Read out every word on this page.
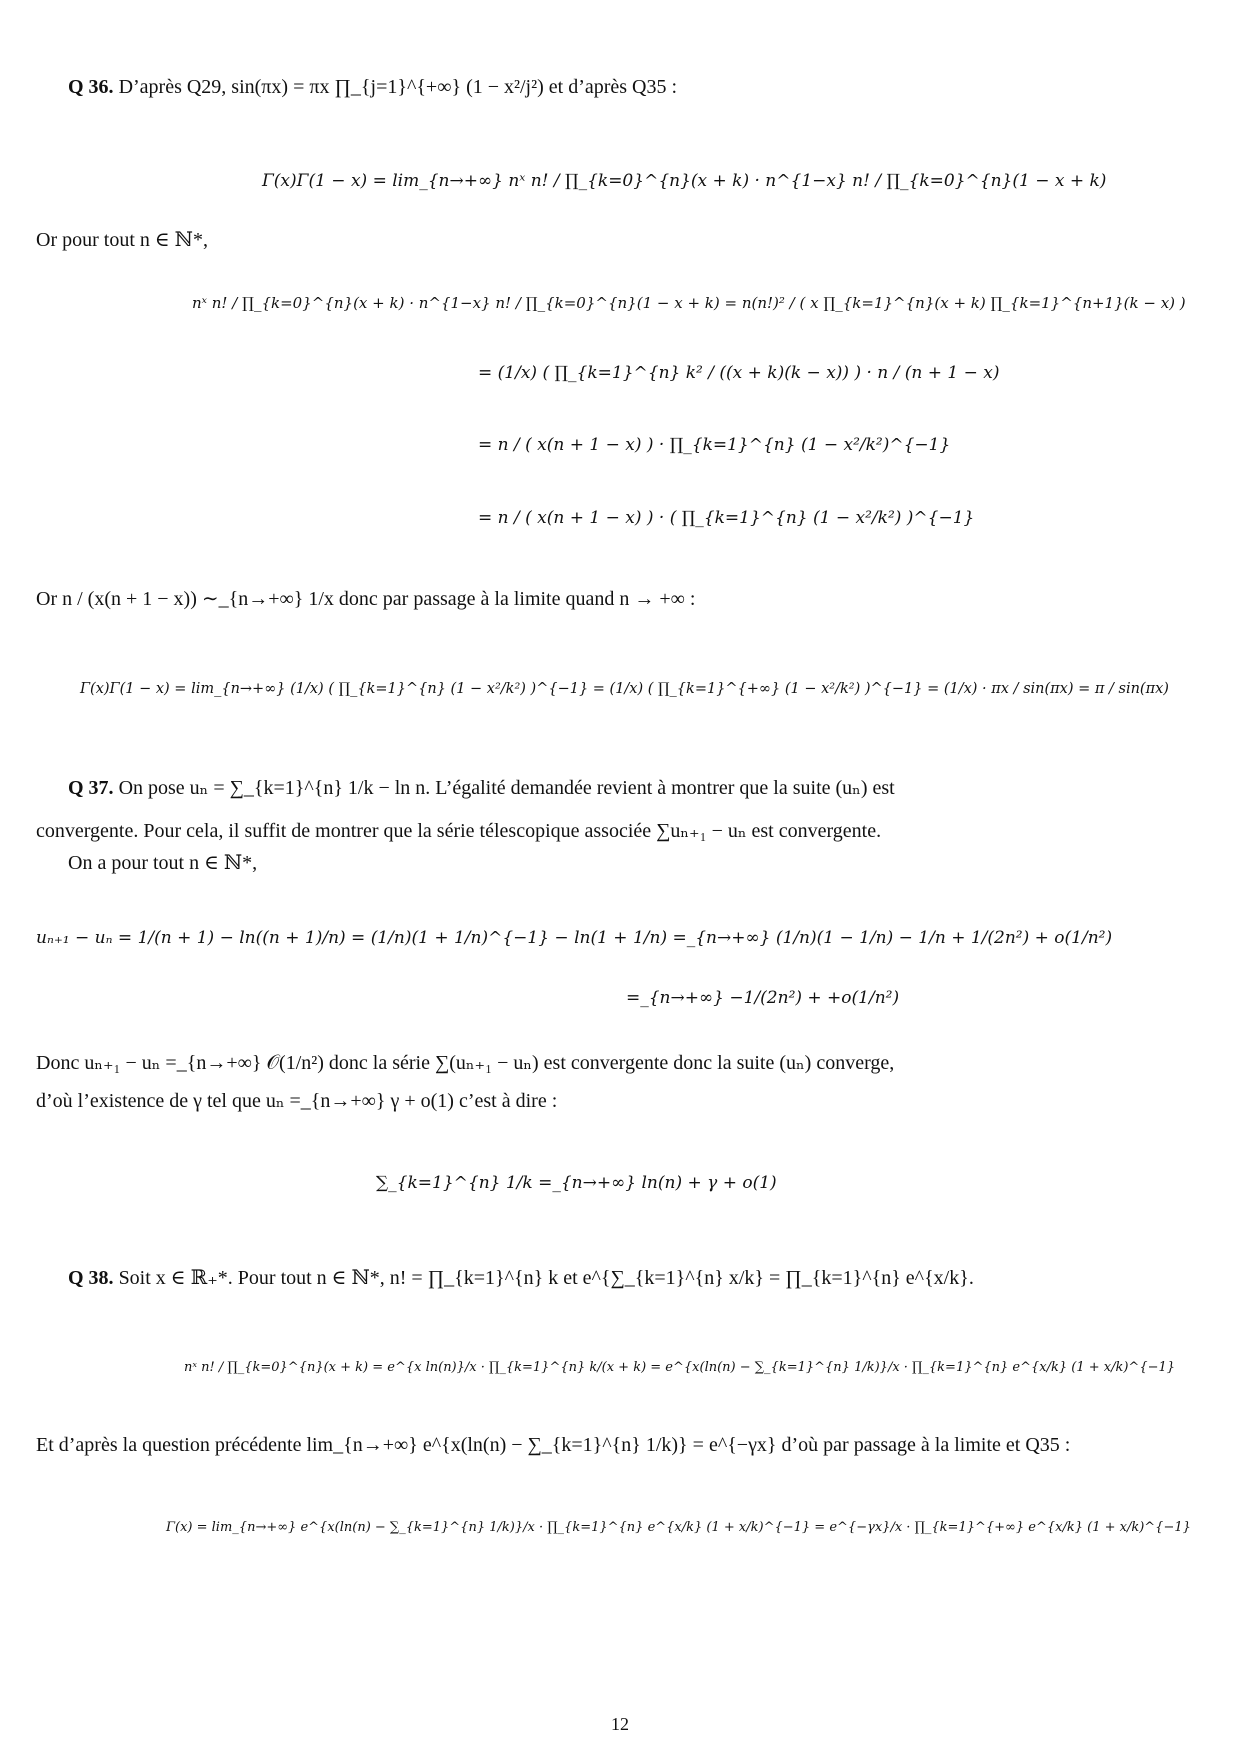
Q 36. D’après Q29, sin(πx) = πx ∏_{j=1}^{+∞} (1 − x²/j²) et d’après Q35 :
Γ(x)Γ(1 − x) = lim_{n→+∞} nˣ n! / ∏_{k=0}^{n}(x + k) · n^{1−x} n! / ∏_{k=0}^{n}(1 − x + k)
Or pour tout n ∈ ℕ*,
nˣ n! / ∏_{k=0}^{n}(x + k) · n^{1−x} n! / ∏_{k=0}^{n}(1 − x + k) = n(n!)² / ( x ∏_{k=1}^{n}(x + k) ∏_{k=1}^{n+1}(k − x) )
= (1/x) ( ∏_{k=1}^{n} k² / ((x + k)(k − x)) ) · n / (n + 1 − x)
= n / ( x(n + 1 − x) ) · ∏_{k=1}^{n} (1 − x²/k²)^{−1}
= n / ( x(n + 1 − x) ) · ( ∏_{k=1}^{n} (1 − x²/k²) )^{−1}
Or n / (x(n + 1 − x)) ∼_{n→+∞} 1/x donc par passage à la limite quand n → +∞ :
Γ(x)Γ(1 − x) = lim_{n→+∞} (1/x) ( ∏_{k=1}^{n} (1 − x²/k²) )^{−1} = (1/x) ( ∏_{k=1}^{+∞} (1 − x²/k²) )^{−1} = (1/x) · πx / sin(πx) = π / sin(πx)
Q 37. On pose uₙ = ∑_{k=1}^{n} 1/k − ln n. L’égalité demandée revient à montrer que la suite (uₙ) est
convergente. Pour cela, il suffit de montrer que la série télescopique associée ∑uₙ₊₁ − uₙ est convergente.
On a pour tout n ∈ ℕ*,
uₙ₊₁ − uₙ = 1/(n + 1) − ln((n + 1)/n) = (1/n)(1 + 1/n)^{−1} − ln(1 + 1/n) =_{n→+∞} (1/n)(1 − 1/n) − 1/n + 1/(2n²) + o(1/n²)
=_{n→+∞} −1/(2n²) + +o(1/n²)
Donc uₙ₊₁ − uₙ =_{n→+∞} 𝒪(1/n²) donc la série ∑(uₙ₊₁ − uₙ) est convergente donc la suite (uₙ) converge,
d’où l’existence de γ tel que uₙ =_{n→+∞} γ + o(1) c’est à dire :
∑_{k=1}^{n} 1/k =_{n→+∞} ln(n) + γ + o(1)
Q 38. Soit x ∈ ℝ₊*. Pour tout n ∈ ℕ*, n! = ∏_{k=1}^{n} k et e^{∑_{k=1}^{n} x/k} = ∏_{k=1}^{n} e^{x/k}.
nˣ n! / ∏_{k=0}^{n}(x + k) = e^{x ln(n)}/x · ∏_{k=1}^{n} k/(x + k) = e^{x(ln(n) − ∑_{k=1}^{n} 1/k)}/x · ∏_{k=1}^{n} e^{x/k} (1 + x/k)^{−1}
Et d’après la question précédente lim_{n→+∞} e^{x(ln(n) − ∑_{k=1}^{n} 1/k)} = e^{−γx} d’où par passage à la limite et Q35 :
Γ(x) = lim_{n→+∞} e^{x(ln(n) − ∑_{k=1}^{n} 1/k)}/x · ∏_{k=1}^{n} e^{x/k} (1 + x/k)^{−1} = e^{−γx}/x · ∏_{k=1}^{+∞} e^{x/k} (1 + x/k)^{−1}
12
